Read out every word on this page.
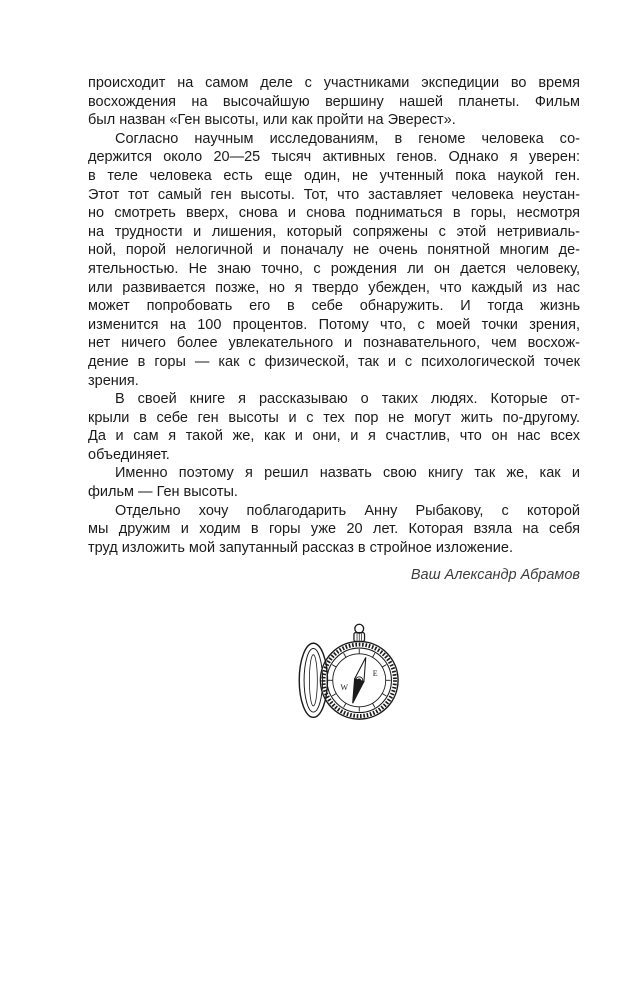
происходит на самом деле с участниками экспедиции во время
восхождения на высочайшую вершину нашей планеты. Фильм
был назван «Ген высоты, или как пройти на Эверест».
Согласно научным исследованиям, в геноме человека со-
держится около 20—25 тысяч активных генов. Однако я уверен:
в теле человека есть еще один, не учтенный пока наукой ген.
Этот тот самый ген высоты. Тот, что заставляет человека неустан-
но смотреть вверх, снова и снова подниматься в горы, несмотря
на трудности и лишения, который сопряжены с этой нетривиаль-
ной, порой нелогичной и поначалу не очень понятной многим де-
ятельностью. Не знаю точно, с рождения ли он дается человеку,
или развивается позже, но я твердо убежден, что каждый из нас
может попробовать его в себе обнаружить. И тогда жизнь
изменится на 100 процентов. Потому что, с моей точки зрения,
нет ничего более увлекательного и познавательного, чем восхож-
дение в горы — как с физической, так и с психологической точек
зрения.
В своей книге я рассказываю о таких людях. Которые от-
крыли в себе ген высоты и с тех пор не могут жить по-другому.
Да и сам я такой же, как и они, и я счастлив, что он нас всех
объединяет.
Именно поэтому я решил назвать свою книгу так же, как и
фильм — Ген высоты.
Отдельно хочу поблагодарить Анну Рыбакову, с которой
мы дружим и ходим в горы уже 20 лет. Которая взяла на себя
труд изложить мой запутанный рассказ в стройное изложение.
Ваш Александр Абрамов
W
E
